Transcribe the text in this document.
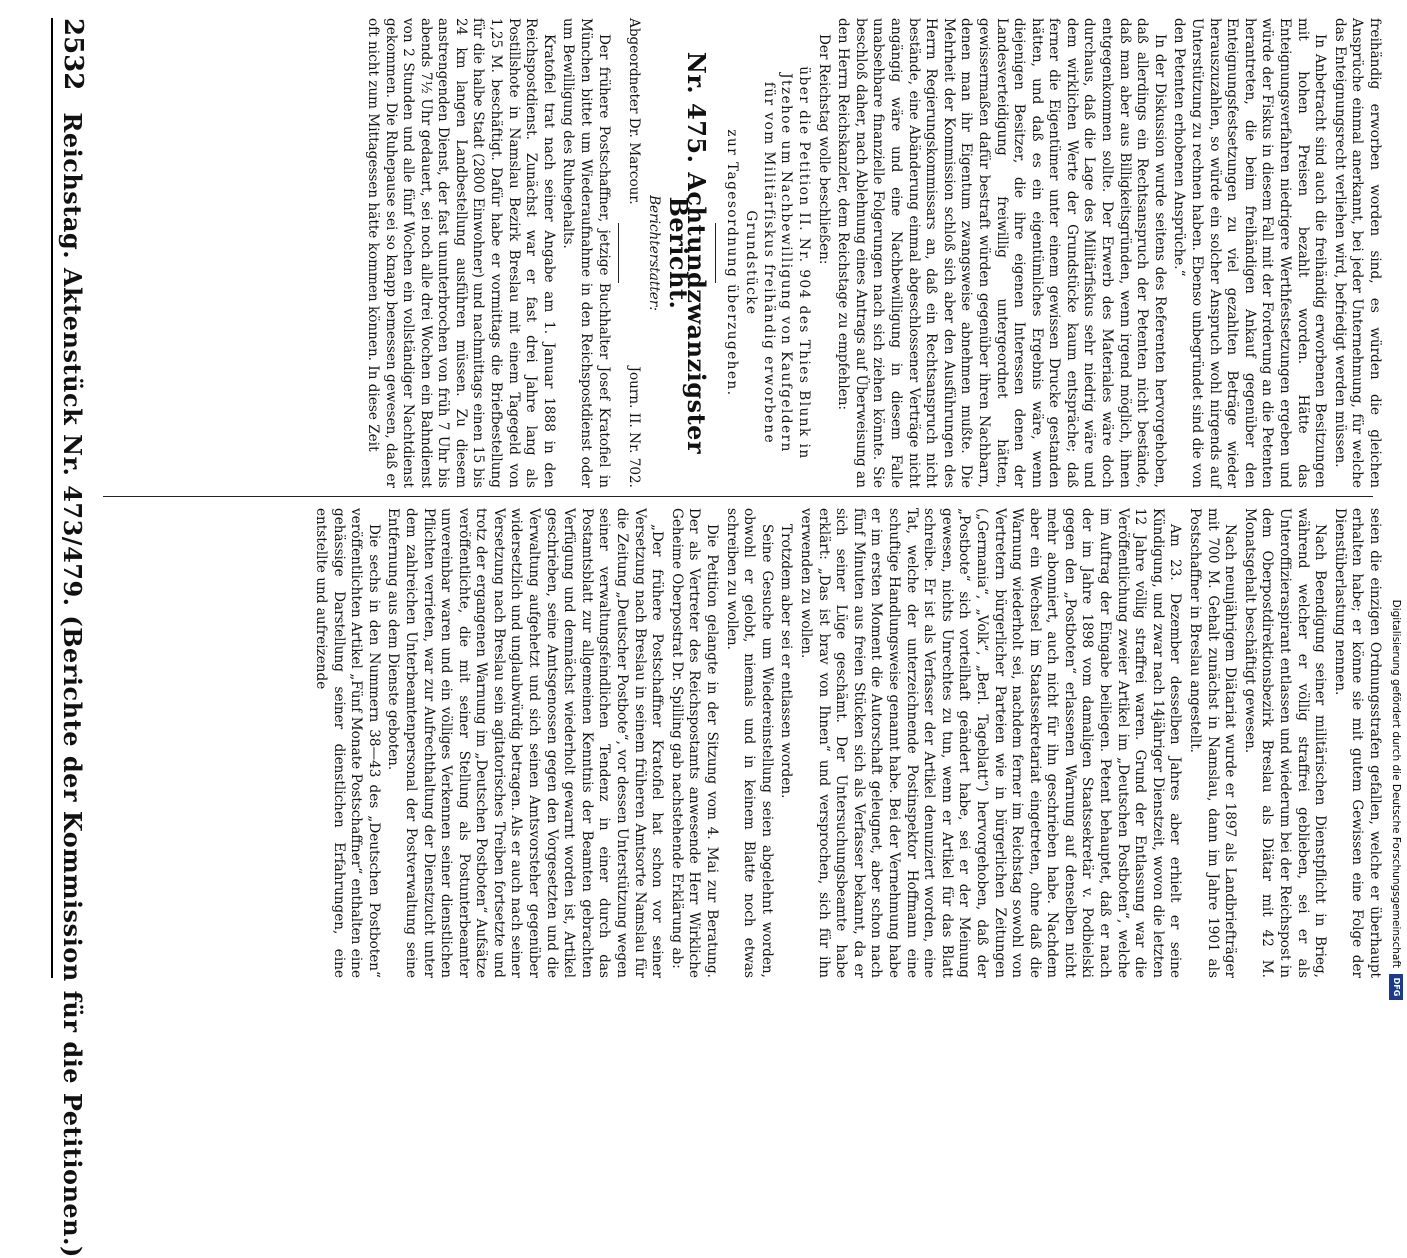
freihändig erworben worden sind, es würden die gleichen Ansprüche einmal anerkannt, bei jeder Unternehmung, für welche das Enteignungsrecht verliehen wird, befriedigt werden müssen.

In Anbetracht sind auch die freihändig erworbenen Besitzungen mit hohen Preisen bezahlt worden. Hätte das Enteignungsverfahren niedrigere Werthfestsetzungen ergeben und würde der Fiskus in diesem Fall mit der Forderung an die Petenten herantreten, die beim freihändigen Ankauf gegenüber den Enteignungsfestsetzungen zu viel gezahlten Beträge wieder herauszuzahlen, so würde ein solcher Anspruch wohl nirgends auf Unterstützung zu rechnen haben. Ebenso unbegründet sind die von den Petenten erhobenen Ansprüche.“

In der Diskussion wurde seitens des Referenten hervorgehoben, daß allerdings ein Rechtsanspruch der Petenten nicht bestände, daß man aber aus Billigkeitsgründen, wenn irgend möglich, ihnen entgegenkommen sollte. Der Erwerb des Materiales wäre doch durchaus, daß die Lage des Militärfiskus sehr niedrig wäre und dem wirklichen Werte der Grundstücke kaum entspräche; daß ferner die Eigentümer unter einem gewissen Drucke gestanden hätten, und daß es ein eigentümliches Ergebnis wäre, wenn diejenigen Besitzer, die ihre eigenen Interessen denen der Landesverteidigung freiwillig untergeordnet hätten, gewissermaßen dafür bestraft würden gegenüber ihren Nachbarn, denen man ihr Eigentum zwangsweise abnehmen mußte. Die Mehrheit der Kommission schloß sich aber den Ausführungen des Herrn Regierungskommissars an, daß ein Rechtsanspruch nicht bestände, eine Abänderung einmal abgeschlossener Verträge nicht angängig wäre und eine Nachbewilligung in diesem Falle unabsehbare finanzielle Folgerungen nach sich ziehen könnte. Sie beschloß daher, nach Ablehnung eines Antrags auf Überweisung an den Herrn Reichskanzler, dem Reichstage zu empfehlen:

Der Reichstag wolle beschließen:

über die Petition II. Nr. 904 des Thies Blunk in Jtzehoe um Nachbewilligung von Kaufgeldern für vom Militärfiskus freihändig erworbene Grundstücke

zur Tagesordnung überzugehen.

Nr. 475. Achtundzwanzigster Bericht.
Berichterstatter:
Abgeordneter Dr. Marcour.
Journ. II. Nr. 702.

Der frühere Postschaffner, jetzige Buchhalter Josef Kratofiel in München bittet um Wiederaufnahme in den Reichspostdienst oder um Bewilligung des Ruhegehalts.

Kratofiel trat nach seiner Angabe am 1. Januar 1888 in den Reichspostdienst. Zunächst war er fast drei Jahre lang als Postillshote in Namslau Bezirk Breslau mit einem Tagegeld von 1,25 M. beschäftigt. Dafür habe er vormittags die Briefbestellung für die halbe Stadt (2800 Einwohner) und nachmittags einen 15 bis 24 km langen Landbestellung ausführen müssen. Zu diesem anstrengenden Dienst, der fast ununterbrochen von früh 7 Uhr bis abends 7½ Uhr gedauert, sei noch alle drei Wochen ein Bahndienst von 2 Stunden und alle fünf Wochen ein vollständiger Nachtdienst gekommen. Die Ruhepause sei so knapp bemessen gewesen, daß er oft nicht zum Mittagessen hätte kommen können. In diese Zeit

seien die einzigen Ordnungsstrafen gefallen, welche er überhaupt erhalten habe; er könne sie mit gutem Gewissen eine Folge der Dienstüberlastung nennen.

Nach Beendigung seiner militärischen Dienstpflicht in Brieg, während welcher er völlig straffrei geblieben, sei er als Unteroffizieraspirant entlassen und wiederum bei der Reichspost in dem Oberpostdirektionsbezirk Breslau als Diätar mit 42 M. Monatsgehalt beschäftigt gewesen.

Nach neunjährigem Diätariat wurde er 1897 als Landbriefträger mit 700 M. Gehalt zunächst in Namslau, dann im Jahre 1901 als Postschaffner in Breslau angestellt.

Am 23. Dezember desselben Jahres aber erhielt er seine Kündigung, und zwar nach 14jähriger Dienstzeit, wovon die letzten 12 Jahre völlig straffrei waren. Grund der Entlassung war die Veröffentlichung zweier Artikel im „Deutschen Postboten“, welche im Auftrag der Eingabe beiliegen. Petent behauptet, daß er nach der im Jahre 1898 vom damaligen Staatssekretär v. Podbielski gegen den „Postboten“ erlassenen Warnung auf denselben nicht mehr abonniert, auch nicht für ihn geschrieben habe. Nachdem aber ein Wechsel im Staatssekretariat eingetreten, ohne daß die Warnung wiederholt sei, nachdem ferner im Reichstag sowohl von Vertretern bürgerlicher Parteien wie in bürgerlichen Zeitungen („Germania“, „Volk“, „Berl. Tageblatt“) hervorgehoben, daß der „Postbote“ sich vorteilhaft geändert habe, sei er der Meinung gewesen, nichts Unrechtes zu tun, wenn er Artikel für das Blatt schreibe. Er ist als Verfasser der Artikel denunziert worden, eine Tat, welche der unterzeichnende Postinspektor Hoffmann eine schuftige Handlungsweise genannt habe. Bei der Vernehmung habe er im ersten Moment die Autorschaft geleugnet, aber schon nach fünf Minuten aus freien Stücken sich als Verfasser bekannt, da er sich seiner Lüge geschämt. Der Untersuchungsbeamte habe erklärt: „Das ist brav von Ihnen“ und versprochen, sich für ihn verwenden zu wollen.

Trotzdem aber sei er entlassen worden.

Seine Gesuche um Wiedereinstellung seien abgelehnt worden, obwohl er gelobt, niemals und in keinem Blatte noch etwas schreiben zu wollen.

Die Petition gelangte in der Sitzung vom 4. Mai zur Beratung. Der als Vertreter des Reichspostamts anwesende Herr Wirkliche Geheime Oberpostrat Dr. Spilling gab nachstehende Erklärung ab:

„Der frühere Postschaffner Kratofiel hat schon vor seiner Versetzung nach Breslau in seinem früheren Amtsorte Namslau für die Zeitung „Deutscher Postbote“, vor dessen Unterstützung wegen seiner verwaltungsfeindlichen Tendenz in einer durch das Postamtsblatt zur allgemeinen Kenntnis der Beamten gebrachten Verfügung und demnächst wiederholt gewarnt worden ist, Artikel geschrieben, seine Amtsgenossen gegen den Vorgesetzten und die Verwaltung aufgehetzt und sich seinen Amtsvorsteher gegenüber widersetzlich und unglaubwürdig betragen. Als er auch nach seiner Versetzung nach Breslau sein agitatorisches Treiben fortsetzte und trotz der ergangenen Warnung im „Deutschen Postboten“ Aufsätze veröffentlichte, die mit seiner Stellung als Postunterbeamter unvereinbar waren und ein völliges Verkennen seiner dienstlichen Pflichten verrieten, war zur Aufrechthaltung der Dienstzucht unter dem zahlreichen Unterbeamtenpersonal der Postverwaltung seine Entfernung aus dem Dienste geboten.

Die sechs in den Nummern 38—43 des „Deutschen Postboten“ veröffentlichten Artikel „Fünf Monate Postschaffner“ enthalten eine gehässige Darstellung seiner dienstlichen Erfahrungen, eine entstellte und aufreizende

2532
Reichstag. Aktenstück Nr. 473/479. (Berichte der Kommission für die Petitionen.)	Digitalisierung gefördert durch die Deutsche Forschungsgemeinschaft
DFG
